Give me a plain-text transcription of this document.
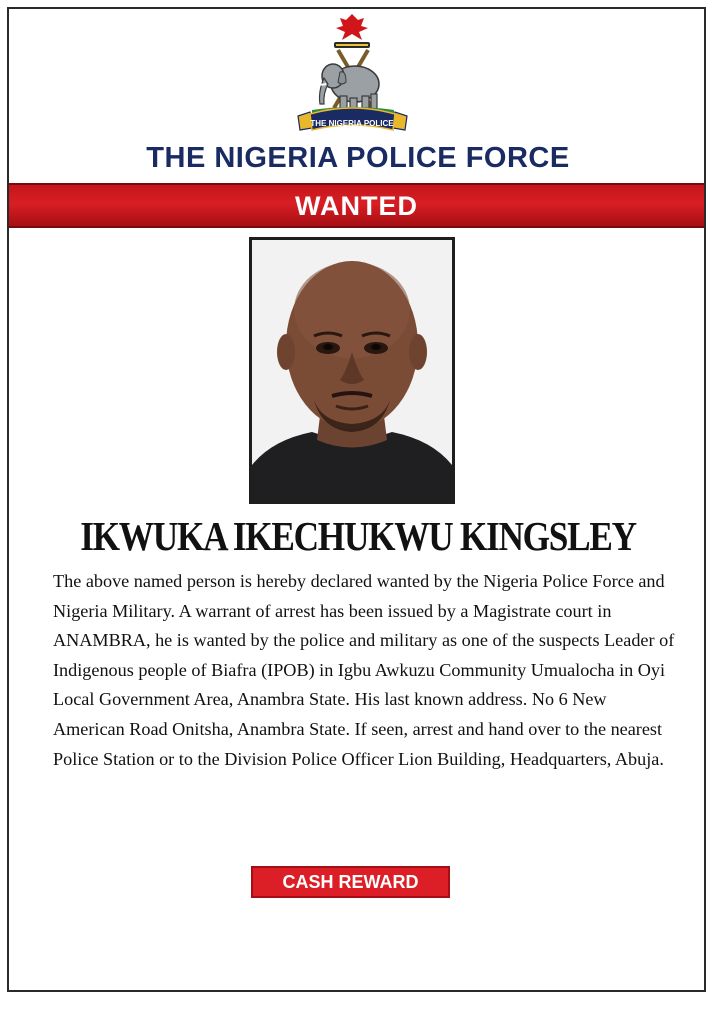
THE NIGERIA POLICE
THE NIGERIA POLICE FORCE
WANTED
IKWUKA IKECHUKWU KINGSLEY

The above named person is hereby declared wanted by the Nigeria Police Force and Nigeria Military. A warrant of arrest has been issued by a Magistrate court in ANAMBRA, he is wanted by the police and military as one of the suspects Leader of Indigenous people of Biafra (IPOB) in Igbu Awkuzu Community Umualocha in Oyi Local Government Area, Anambra State. His last known address. No 6 New American Road Onitsha, Anambra State. If seen, arrest and hand over to the nearest Police Station or to the Division Police Officer Lion Building, Headquarters, Abuja.

CASH REWARD
